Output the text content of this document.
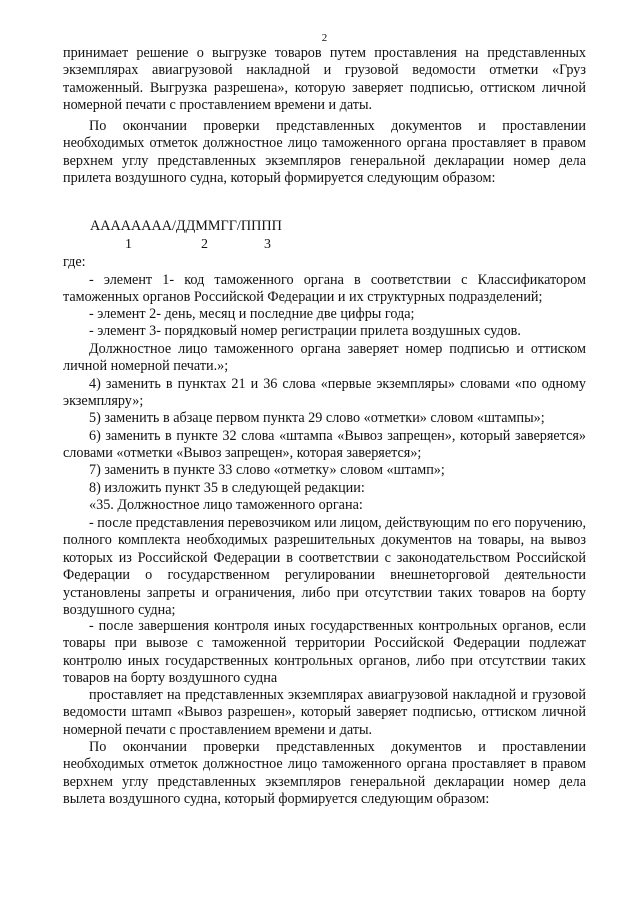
2

принимает решение о выгрузке товаров путем проставления на представленных экземплярах авиагрузовой накладной и грузовой ведомости отметки «Груз таможенный. Выгрузка разрешена», которую заверяет подписью, оттиском личной номерной печати с проставлением времени и даты.

По окончании проверки представленных документов и проставлении необходимых отметок должностное лицо таможенного органа проставляет в правом верхнем углу представленных экземпляров генеральной декларации номер дела прилета воздушного судна, который формируется следующим образом:

АААААААА/ДДММГГ/ПППП
1	2	3

где:

- элемент 1- код таможенного органа в соответствии с Классификатором таможенных органов Российской Федерации и их структурных подразделений;

- элемент 2- день, месяц и последние две цифры года;

- элемент 3- порядковый номер регистрации прилета воздушных судов.

Должностное лицо таможенного органа заверяет номер подписью и оттиском личной номерной печати.»;

4) заменить в пунктах 21 и 36 слова «первые экземпляры» словами «по одному экземпляру»;

5) заменить в абзаце первом пункта 29 слово «отметки» словом «штампы»;

6) заменить в пункте 32 слова «штампа «Вывоз запрещен», который заверяется» словами «отметки «Вывоз запрещен», которая заверяется»;

7) заменить в пункте 33 слово «отметку» словом «штамп»;

8) изложить пункт 35 в следующей редакции:

«35. Должностное лицо таможенного органа:

- после представления перевозчиком или лицом, действующим по его поручению, полного комплекта необходимых разрешительных документов на товары, на вывоз которых из Российской Федерации в соответствии с законодательством Российской Федерации о государственном регулировании внешнеторговой деятельности установлены запреты и ограничения, либо при отсутствии таких товаров на борту воздушного судна;

- после завершения контроля иных государственных контрольных органов, если товары при вывозе с таможенной территории Российской Федерации подлежат контролю иных государственных контрольных органов, либо при отсутствии таких товаров на борту воздушного судна

проставляет на представленных экземплярах авиагрузовой накладной и грузовой ведомости штамп «Вывоз разрешен», который заверяет подписью, оттиском личной номерной печати с проставлением времени и даты.

По окончании проверки представленных документов и проставлении необходимых отметок должностное лицо таможенного органа проставляет в правом верхнем углу представленных экземпляров генеральной декларации номер дела вылета воздушного судна, который формируется следующим образом:
